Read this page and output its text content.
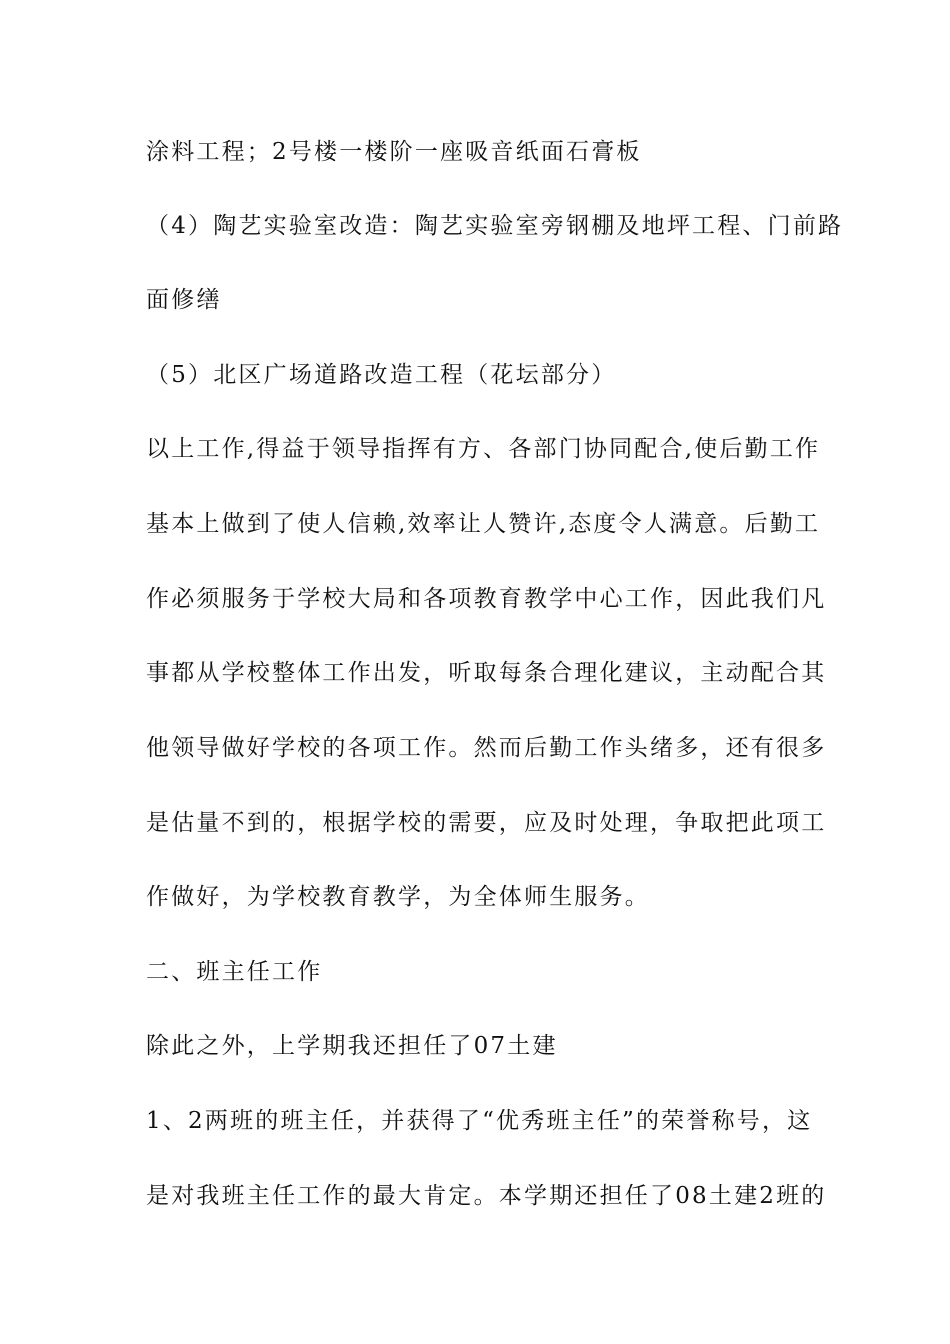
涂料工程；2号楼一楼阶一座吸音纸面石膏板
（4）陶艺实验室改造：陶艺实验室旁钢棚及地坪工程、门前路
面修缮
（5）北区广场道路改造工程（花坛部分）
以上工作,得益于领导指挥有方、各部门协同配合,使后勤工作
基本上做到了使人信赖,效率让人赞许,态度令人满意。后勤工
作必须服务于学校大局和各项教育教学中心工作，因此我们凡
事都从学校整体工作出发，听取每条合理化建议，主动配合其
他领导做好学校的各项工作。然而后勤工作头绪多，还有很多
是估量不到的，根据学校的需要，应及时处理，争取把此项工
作做好，为学校教育教学，为全体师生服务。
二、班主任工作
除此之外，上学期我还担任了07土建
1、2两班的班主任，并获得了“优秀班主任”的荣誉称号，这
是对我班主任工作的最大肯定。本学期还担任了08土建2班的
